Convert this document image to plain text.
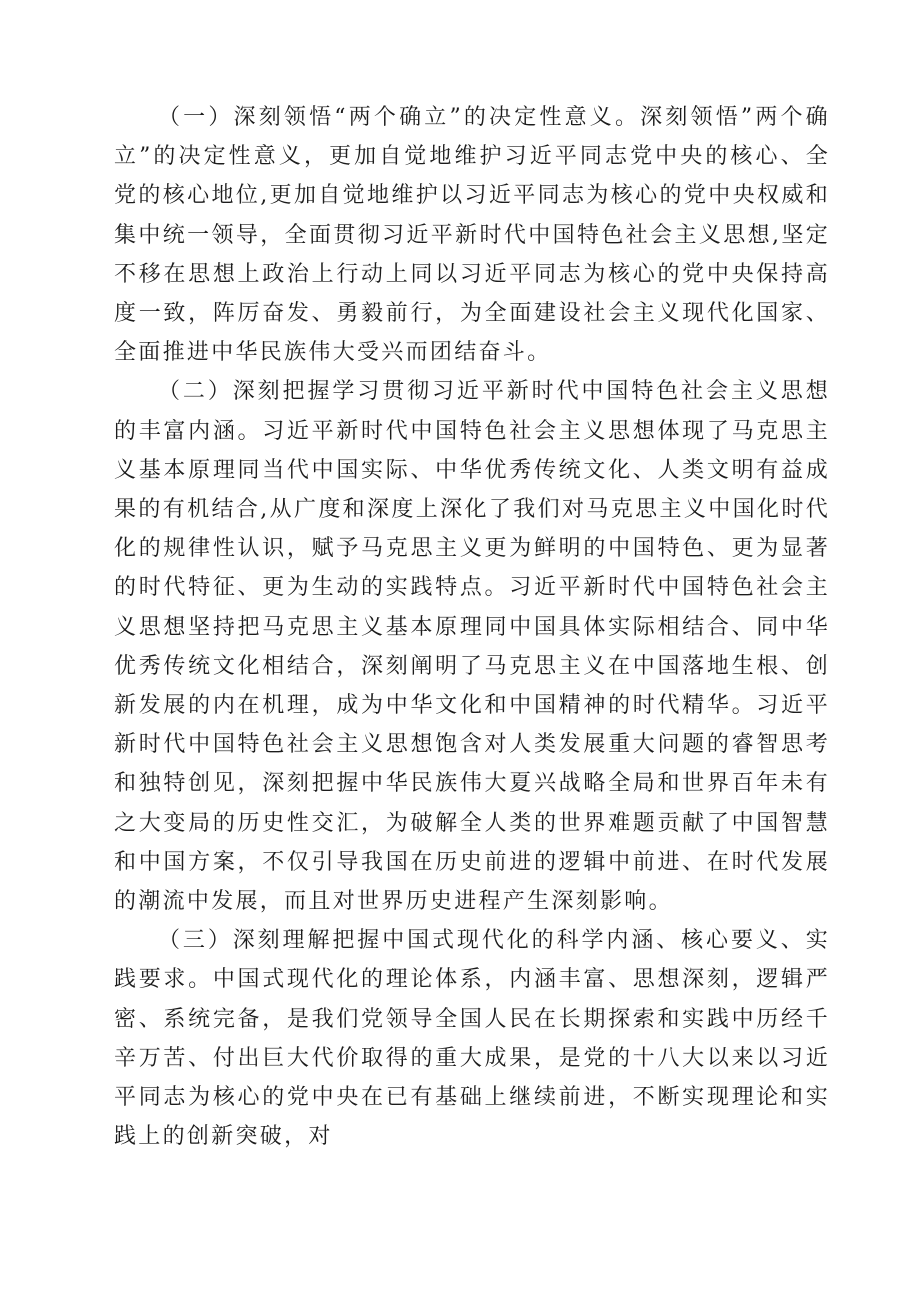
（一）深刻领悟“两个确立”的决定性意义。深刻领悟”两个确立”的决定性意义，更加自觉地维护习近平同志党中央的核心、全党的核心地位,更加自觉地维护以习近平同志为核心的党中央权威和集中统一领导，全面贯彻习近平新时代中国特色社会主义思想,坚定不移在思想上政治上行动上同以习近平同志为核心的党中央保持高度一致，阵厉奋发、勇毅前行，为全面建设社会主义现代化国家、全面推进中华民族伟大受兴而团结奋斗。

（二）深刻把握学习贯彻习近平新时代中国特色社会主义思想的丰富内涵。习近平新时代中国特色社会主义思想体现了马克思主义基本原理同当代中国实际、中华优秀传统文化、人类文明有益成果的有机结合,从广度和深度上深化了我们对马克思主义中国化时代化的规律性认识，赋予马克思主义更为鲜明的中国特色、更为显著的时代特征、更为生动的实践特点。习近平新时代中国特色社会主义思想坚持把马克思主义基本原理同中国具体实际相结合、同中华优秀传统文化相结合，深刻阐明了马克思主义在中国落地生根、创新发展的内在机理，成为中华文化和中国精神的时代精华。习近平新时代中国特色社会主义思想饱含对人类发展重大问题的睿智思考和独特创见，深刻把握中华民族伟大夏兴战略全局和世界百年未有之大变局的历史性交汇，为破解全人类的世界难题贡献了中国智慧和中国方案，不仅引导我国在历史前进的逻辑中前进、在时代发展的潮流中发展，而且对世界历史进程产生深刻影响。

（三）深刻理解把握中国式现代化的科学内涵、核心要义、实践要求。中国式现代化的理论体系，内涵丰富、思想深刻，逻辑严密、系统完备，是我们党领导全国人民在长期探索和实践中历经千辛万苦、付出巨大代价取得的重大成果，是党的十八大以来以习近平同志为核心的党中央在已有基础上继续前进，不断实现理论和实践上的创新突破，对
